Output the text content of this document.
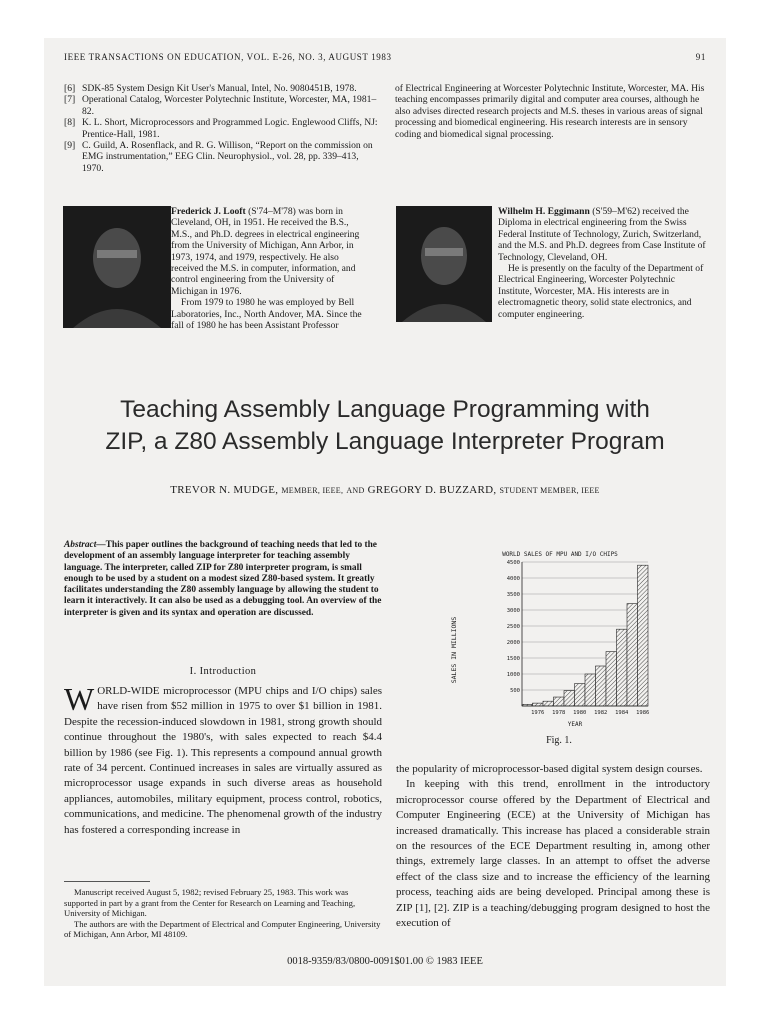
IEEE TRANSACTIONS ON EDUCATION, VOL. E-26, NO. 3, AUGUST 1983	91
[6] SDK-85 System Design Kit User's Manual, Intel, No. 9080451B, 1978.
[7] Operational Catalog, Worcester Polytechnic Institute, Worcester, MA, 1981–82.
[8] K. L. Short, Microprocessors and Programmed Logic. Englewood Cliffs, NJ: Prentice-Hall, 1981.
[9] C. Guild, A. Rosenflack, and R. G. Willison, “Report on the commission on EMG instrumentation,” EEG Clin. Neurophysiol., vol. 28, pp. 339–413, 1970.
of Electrical Engineering at Worcester Polytechnic Institute, Worcester, MA. His teaching encompasses primarily digital and computer area courses, although he also advises directed research projects and M.S. theses in various areas of signal processing and biomedical engineering. His research interests are in sensory coding and biomedical signal processing.
Frederick J. Looft (S'74–M'78) was born in Cleveland, OH, in 1951. He received the B.S., M.S., and Ph.D. degrees in electrical engineering from the University of Michigan, Ann Arbor, in 1973, 1974, and 1979, respectively. He also received the M.S. in computer, information, and control engineering from the University of Michigan in 1976.
From 1979 to 1980 he was employed by Bell Laboratories, Inc., North Andover, MA. Since the fall of 1980 he has been Assistant Professor
Wilhelm H. Eggimann (S'59–M'62) received the Diploma in electrical engineering from the Swiss Federal Institute of Technology, Zurich, Switzerland, and the M.S. and Ph.D. degrees from Case Institute of Technology, Cleveland, OH.
He is presently on the faculty of the Department of Electrical Engineering, Worcester Polytechnic Institute, Worcester, MA. His interests are in electromagnetic theory, solid state electronics, and computer engineering.
Teaching Assembly Language Programming with
ZIP, a Z80 Assembly Language Interpreter Program
TREVOR N. MUDGE, MEMBER, IEEE, AND GREGORY D. BUZZARD, STUDENT MEMBER, IEEE
Abstract—This paper outlines the background of teaching needs that led to the development of an assembly language interpreter for teaching assembly language. The interpreter, called ZIP for Z80 interpreter program, is small enough to be used by a student on a modest sized Z80-based system. It greatly facilitates understanding the Z80 assembly language by allowing the student to learn it interactively. It can also be used as a debugging tool. An overview of the interpreter is given and its syntax and operation are discussed.
I. Introduction
WORLD-WIDE microprocessor (MPU chips and I/O chips) sales have risen from $52 million in 1975 to over $1 billion in 1981. Despite the recession-induced slowdown in 1981, strong growth should continue throughout the 1980's, with sales expected to reach $4.4 billion by 1986 (see Fig. 1). This represents a compound annual growth rate of 34 percent. Continued increases in sales are virtually assured as microprocessor usage expands in such diverse areas as household appliances, automobiles, military equipment, process control, robotics, communications, and medicine. The phenomenal growth of the industry has fostered a corresponding increase in
Manuscript received August 5, 1982; revised February 25, 1983. This work was supported in part by a grant from the Center for Research on Learning and Teaching, University of Michigan.
The authors are with the Department of Electrical and Computer Engineering, University of Michigan, Ann Arbor, MI 48109.
WORLD SALES OF MPU AND I/O CHIPS
SALES IN MILLIONS
YEAR
500
1000
1500
2000
2500
3000
3500
4000
4500
1976 1978 1980 1982 1984 1986
Fig. 1.
the popularity of microprocessor-based digital system design courses.
In keeping with this trend, enrollment in the introductory microprocessor course offered by the Department of Electrical and Computer Engineering (ECE) at the University of Michigan has increased dramatically. This increase has placed a considerable strain on the resources of the ECE Department resulting in, among other things, extremely large classes. In an attempt to offset the adverse effect of the class size and to increase the efficiency of the learning process, teaching aids are being developed. Principal among these is ZIP [1], [2]. ZIP is a teaching/debugging program designed to host the execution of
0018-9359/83/0800-0091$01.00 © 1983 IEEE
